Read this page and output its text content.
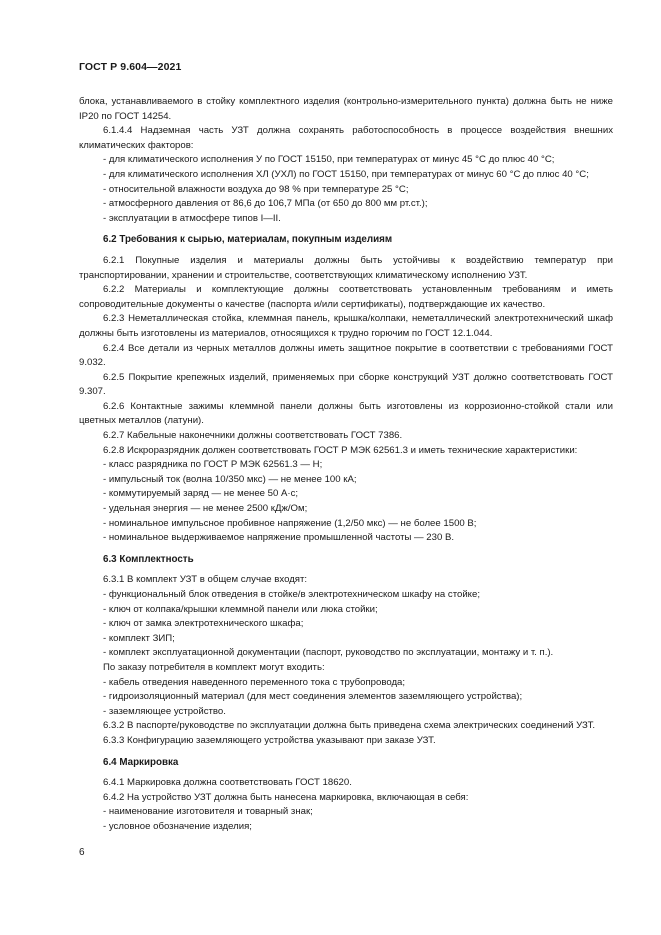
ГОСТ Р 9.604—2021

блока, устанавливаемого в стойку комплектного изделия (контрольно-измерительного пункта) должна быть не ниже IP20 по ГОСТ 14254.

6.1.4.4 Надземная часть УЗТ должна сохранять работоспособность в процессе воздействия внешних климатических факторов:

- для климатического исполнения У по ГОСТ 15150, при температурах от минус 45 °С до плюс 40 °С;

- для климатического исполнения ХЛ (УХЛ) по ГОСТ 15150, при температурах от минус 60 °С до плюс 40 °С;

- относительной влажности воздуха до 98 % при температуре 25 °С;

- атмосферного давления от 86,6 до 106,7 МПа (от 650 до 800 мм рт.ст.);

- эксплуатации в атмосфере типов I—II.

6.2 Требования к сырью, материалам, покупным изделиям

6.2.1 Покупные изделия и материалы должны быть устойчивы к воздействию температур при транспортировании, хранении и строительстве, соответствующих климатическому исполнению УЗТ.

6.2.2 Материалы и комплектующие должны соответствовать установленным требованиям и иметь сопроводительные документы о качестве (паспорта и/или сертификаты), подтверждающие их качество.

6.2.3 Неметаллическая стойка, клеммная панель, крышка/колпаки, неметаллический электротехнический шкаф должны быть изготовлены из материалов, относящихся к трудно горючим по ГОСТ 12.1.044.

6.2.4 Все детали из черных металлов должны иметь защитное покрытие в соответствии с требованиями ГОСТ 9.032.

6.2.5 Покрытие крепежных изделий, применяемых при сборке конструкций УЗТ должно соответствовать ГОСТ 9.307.

6.2.6 Контактные зажимы клеммной панели должны быть изготовлены из коррозионно-стойкой стали или цветных металлов (латуни).

6.2.7 Кабельные наконечники должны соответствовать ГОСТ 7386.

6.2.8 Искроразрядник должен соответствовать ГОСТ Р МЭК 62561.3 и иметь технические характеристики:

- класс разрядника по ГОСТ Р МЭК 62561.3 — Н;

- импульсный ток (волна 10/350 мкс) — не менее 100 кА;

- коммутируемый заряд — не менее 50 А·с;

- удельная энергия — не менее 2500 кДж/Ом;

- номинальное импульсное пробивное напряжение (1,2/50 мкс) — не более 1500 В;

- номинальное выдерживаемое напряжение промышленной частоты — 230 В.

6.3 Комплектность

6.3.1 В комплект УЗТ в общем случае входят:

- функциональный блок отведения в стойке/в электротехническом шкафу на стойке;

- ключ от колпака/крышки клеммной панели или люка стойки;

- ключ от замка электротехнического шкафа;

- комплект ЗИП;

- комплект эксплуатационной документации (паспорт, руководство по эксплуатации, монтажу и т. п.).

По заказу потребителя в комплект могут входить:

- кабель отведения наведенного переменного тока с трубопровода;

- гидроизоляционный материал (для мест соединения элементов заземляющего устройства);

- заземляющее устройство.

6.3.2 В паспорте/руководстве по эксплуатации должна быть приведена схема электрических соединений УЗТ.

6.3.3 Конфигурацию заземляющего устройства указывают при заказе УЗТ.

6.4 Маркировка

6.4.1 Маркировка должна соответствовать ГОСТ 18620.

6.4.2 На устройство УЗТ должна быть нанесена маркировка, включающая в себя:

- наименование изготовителя и товарный знак;

- условное обозначение изделия;

6
